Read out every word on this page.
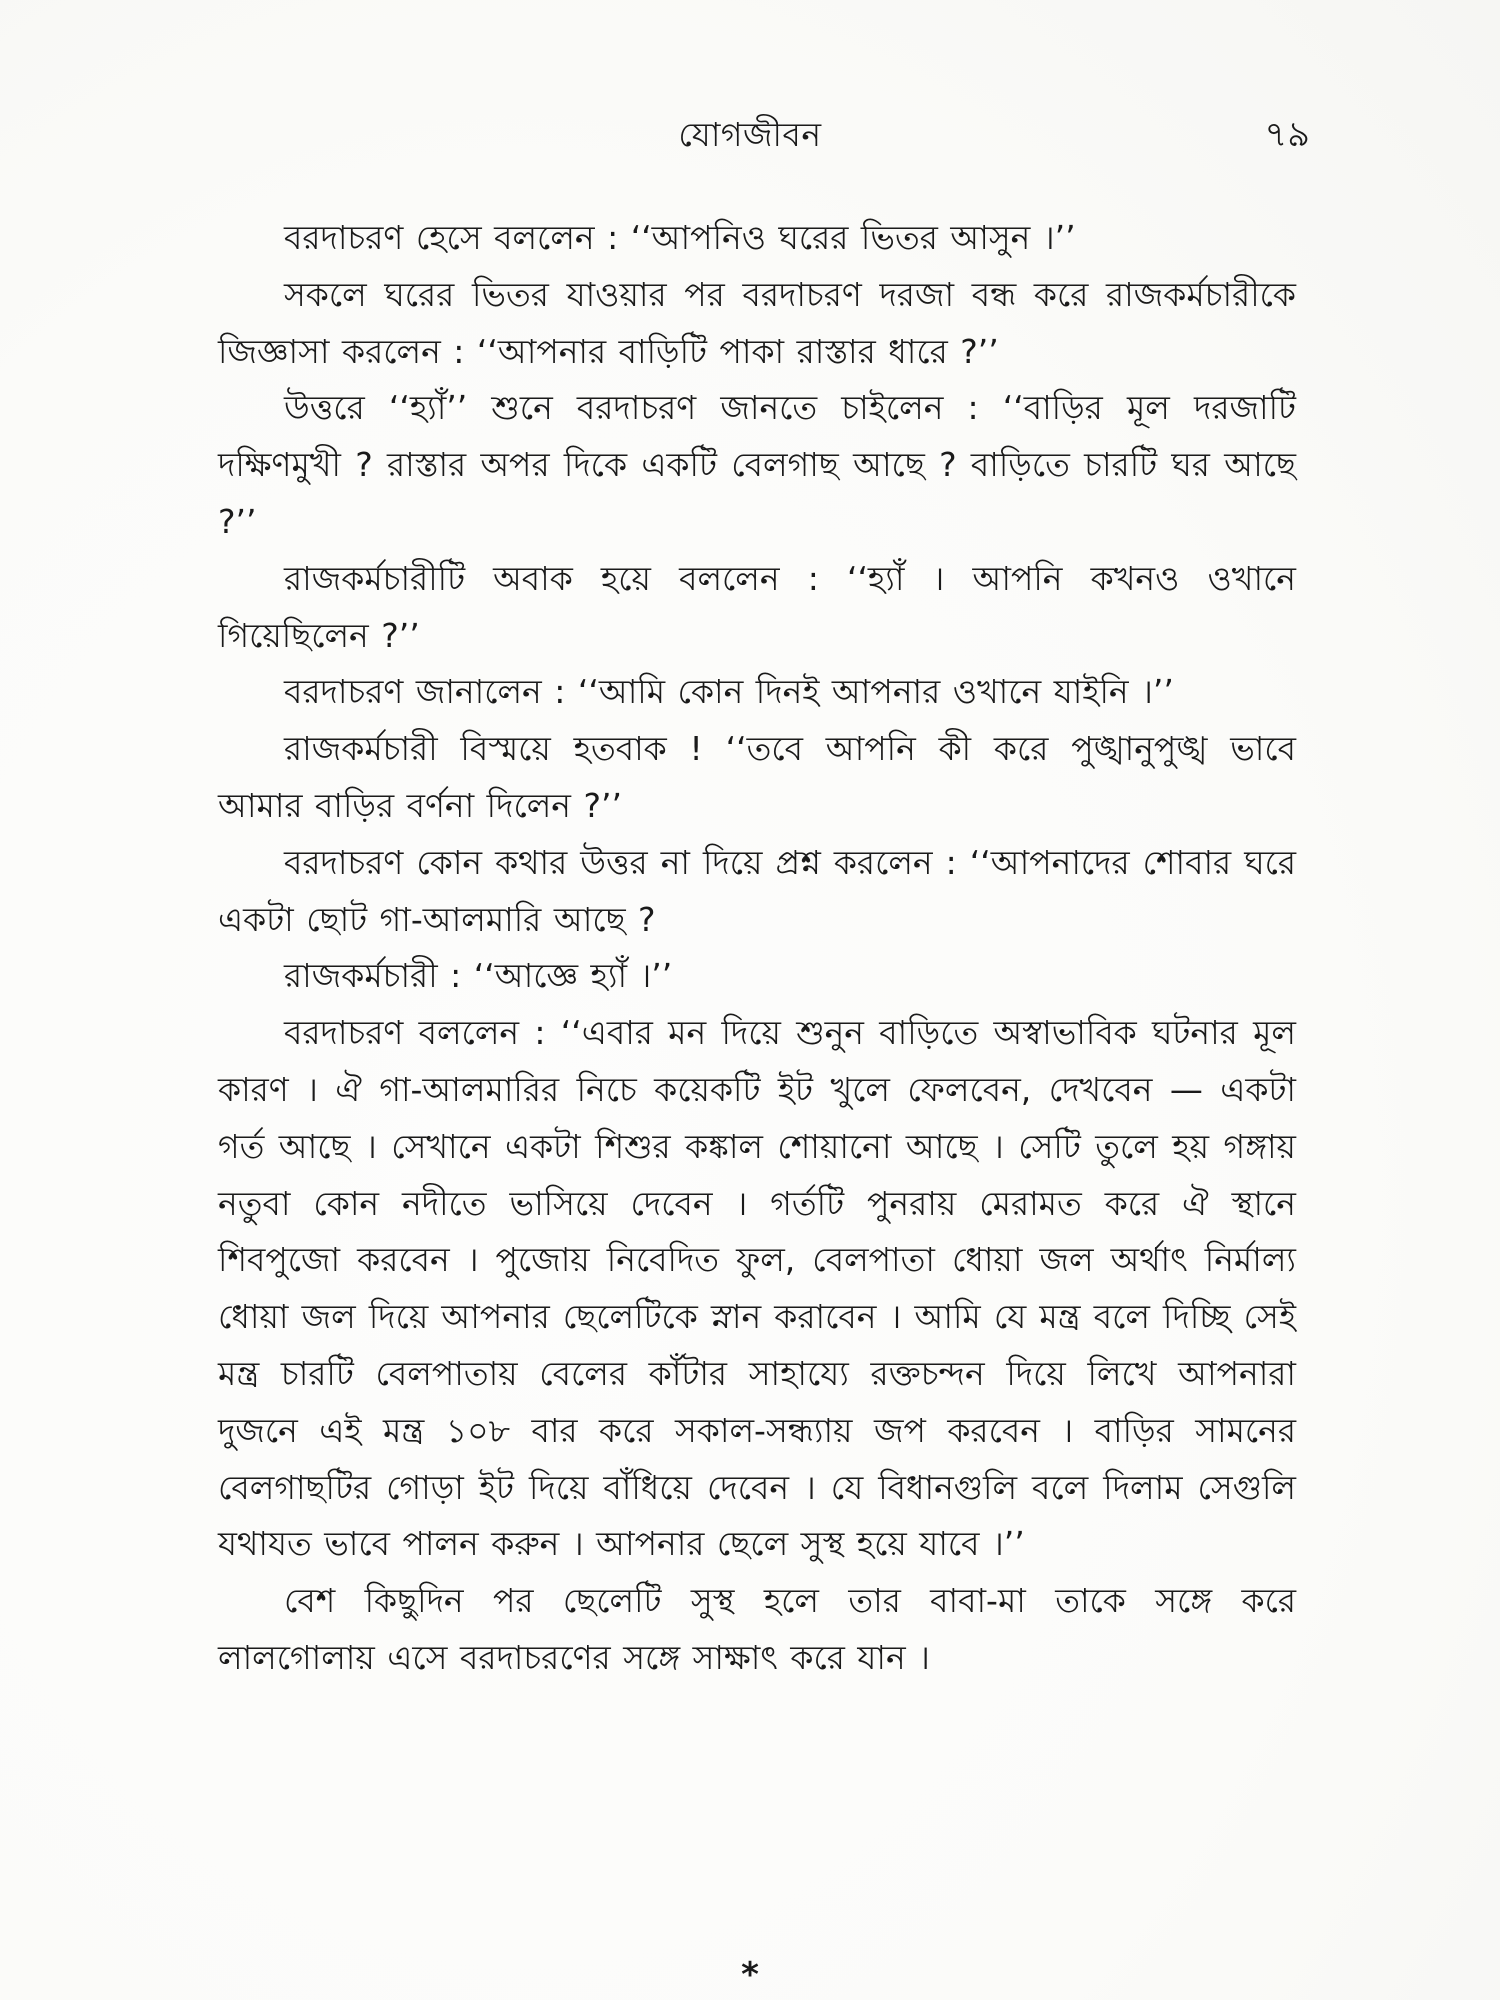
যোগজীবন	৭৯

বরদাচরণ হেসে বললেন : ‘‘আপনিও ঘরের ভিতর আসুন ।’’

সকলে ঘরের ভিতর যাওয়ার পর বরদাচরণ দরজা বন্ধ করে রাজকর্মচারীকে জিজ্ঞাসা করলেন : ‘‘আপনার বাড়িটি পাকা রাস্তার ধারে ?’’

উত্তরে ‘‘হ্যাঁ’’ শুনে বরদাচরণ জানতে চাইলেন : ‘‘বাড়ির মূল দরজাটি দক্ষিণমুখী ? রাস্তার অপর দিকে একটি বেলগাছ আছে ? বাড়িতে চারটি ঘর আছে ?’’

রাজকর্মচারীটি অবাক হয়ে বললেন : ‘‘হ্যাঁ । আপনি কখনও ওখানে গিয়েছিলেন ?’’

বরদাচরণ জানালেন : ‘‘আমি কোন দিনই আপনার ওখানে যাইনি ।’’

রাজকর্মচারী বিস্ময়ে হতবাক ! ‘‘তবে আপনি কী করে পুঙ্খানুপুঙ্খ ভাবে আমার বাড়ির বর্ণনা দিলেন ?’’

বরদাচরণ কোন কথার উত্তর না দিয়ে প্রশ্ন করলেন : ‘‘আপনাদের শোবার ঘরে একটা ছোট গা-আলমারি আছে ?

রাজকর্মচারী : ‘‘আজ্ঞে হ্যাঁ ।’’

বরদাচরণ বললেন : ‘‘এবার মন দিয়ে শুনুন বাড়িতে অস্বাভাবিক ঘটনার মূল কারণ । ঐ গা-আলমারির নিচে কয়েকটি ইট খুলে ফেলবেন, দেখবেন — একটা গর্ত আছে । সেখানে একটা শিশুর কঙ্কাল শোয়ানো আছে । সেটি তুলে হয় গঙ্গায় নতুবা কোন নদীতে ভাসিয়ে দেবেন । গর্তটি পুনরায় মেরামত করে ঐ স্থানে শিবপুজো করবেন । পুজোয় নিবেদিত ফুল, বেলপাতা ধোয়া জল অর্থাৎ নির্মাল্য ধোয়া জল দিয়ে আপনার ছেলেটিকে স্নান করাবেন । আমি যে মন্ত্র বলে দিচ্ছি সেই মন্ত্র চারটি বেলপাতায় বেলের কাঁটার সাহায্যে রক্তচন্দন দিয়ে লিখে আপনারা দুজনে এই মন্ত্র ১০৮ বার করে সকাল-সন্ধ্যায় জপ করবেন । বাড়ির সামনের বেলগাছটির গোড়া ইট দিয়ে বাঁধিয়ে দেবেন । যে বিধানগুলি বলে দিলাম সেগুলি যথাযত ভাবে পালন করুন । আপনার ছেলে সুস্থ হয়ে যাবে ।’’

বেশ কিছুদিন পর ছেলেটি সুস্থ হলে তার বাবা-মা তাকে সঙ্গে করে লালগোলায় এসে বরদাচরণের সঙ্গে সাক্ষাৎ করে যান ।

*
